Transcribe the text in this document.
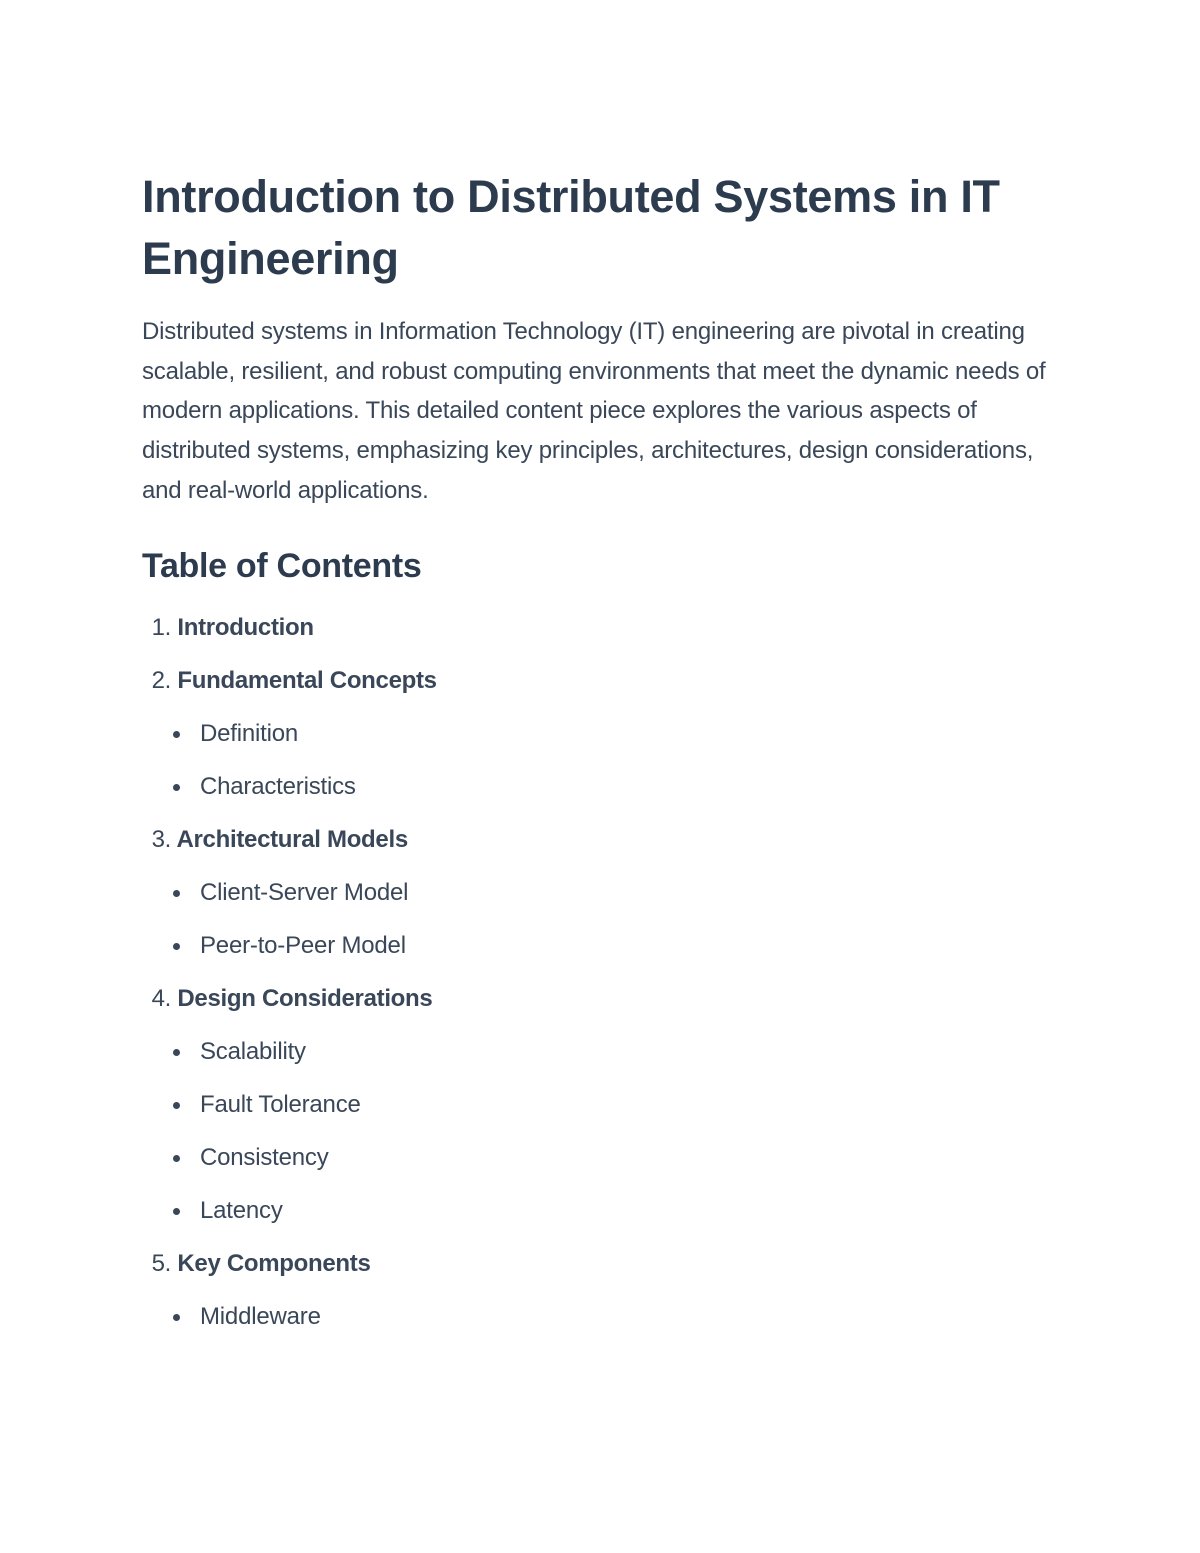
Introduction to Distributed Systems in IT Engineering

Distributed systems in Information Technology (IT) engineering are pivotal in creating scalable, resilient, and robust computing environments that meet the dynamic needs of modern applications. This detailed content piece explores the various aspects of distributed systems, emphasizing key principles, architectures, design considerations, and real-world applications.

Table of Contents
1. Introduction
2. Fundamental Concepts
Definition
Characteristics
3. Architectural Models
Client-Server Model
Peer-to-Peer Model
4. Design Considerations
Scalability
Fault Tolerance
Consistency
Latency
5. Key Components
Middleware
